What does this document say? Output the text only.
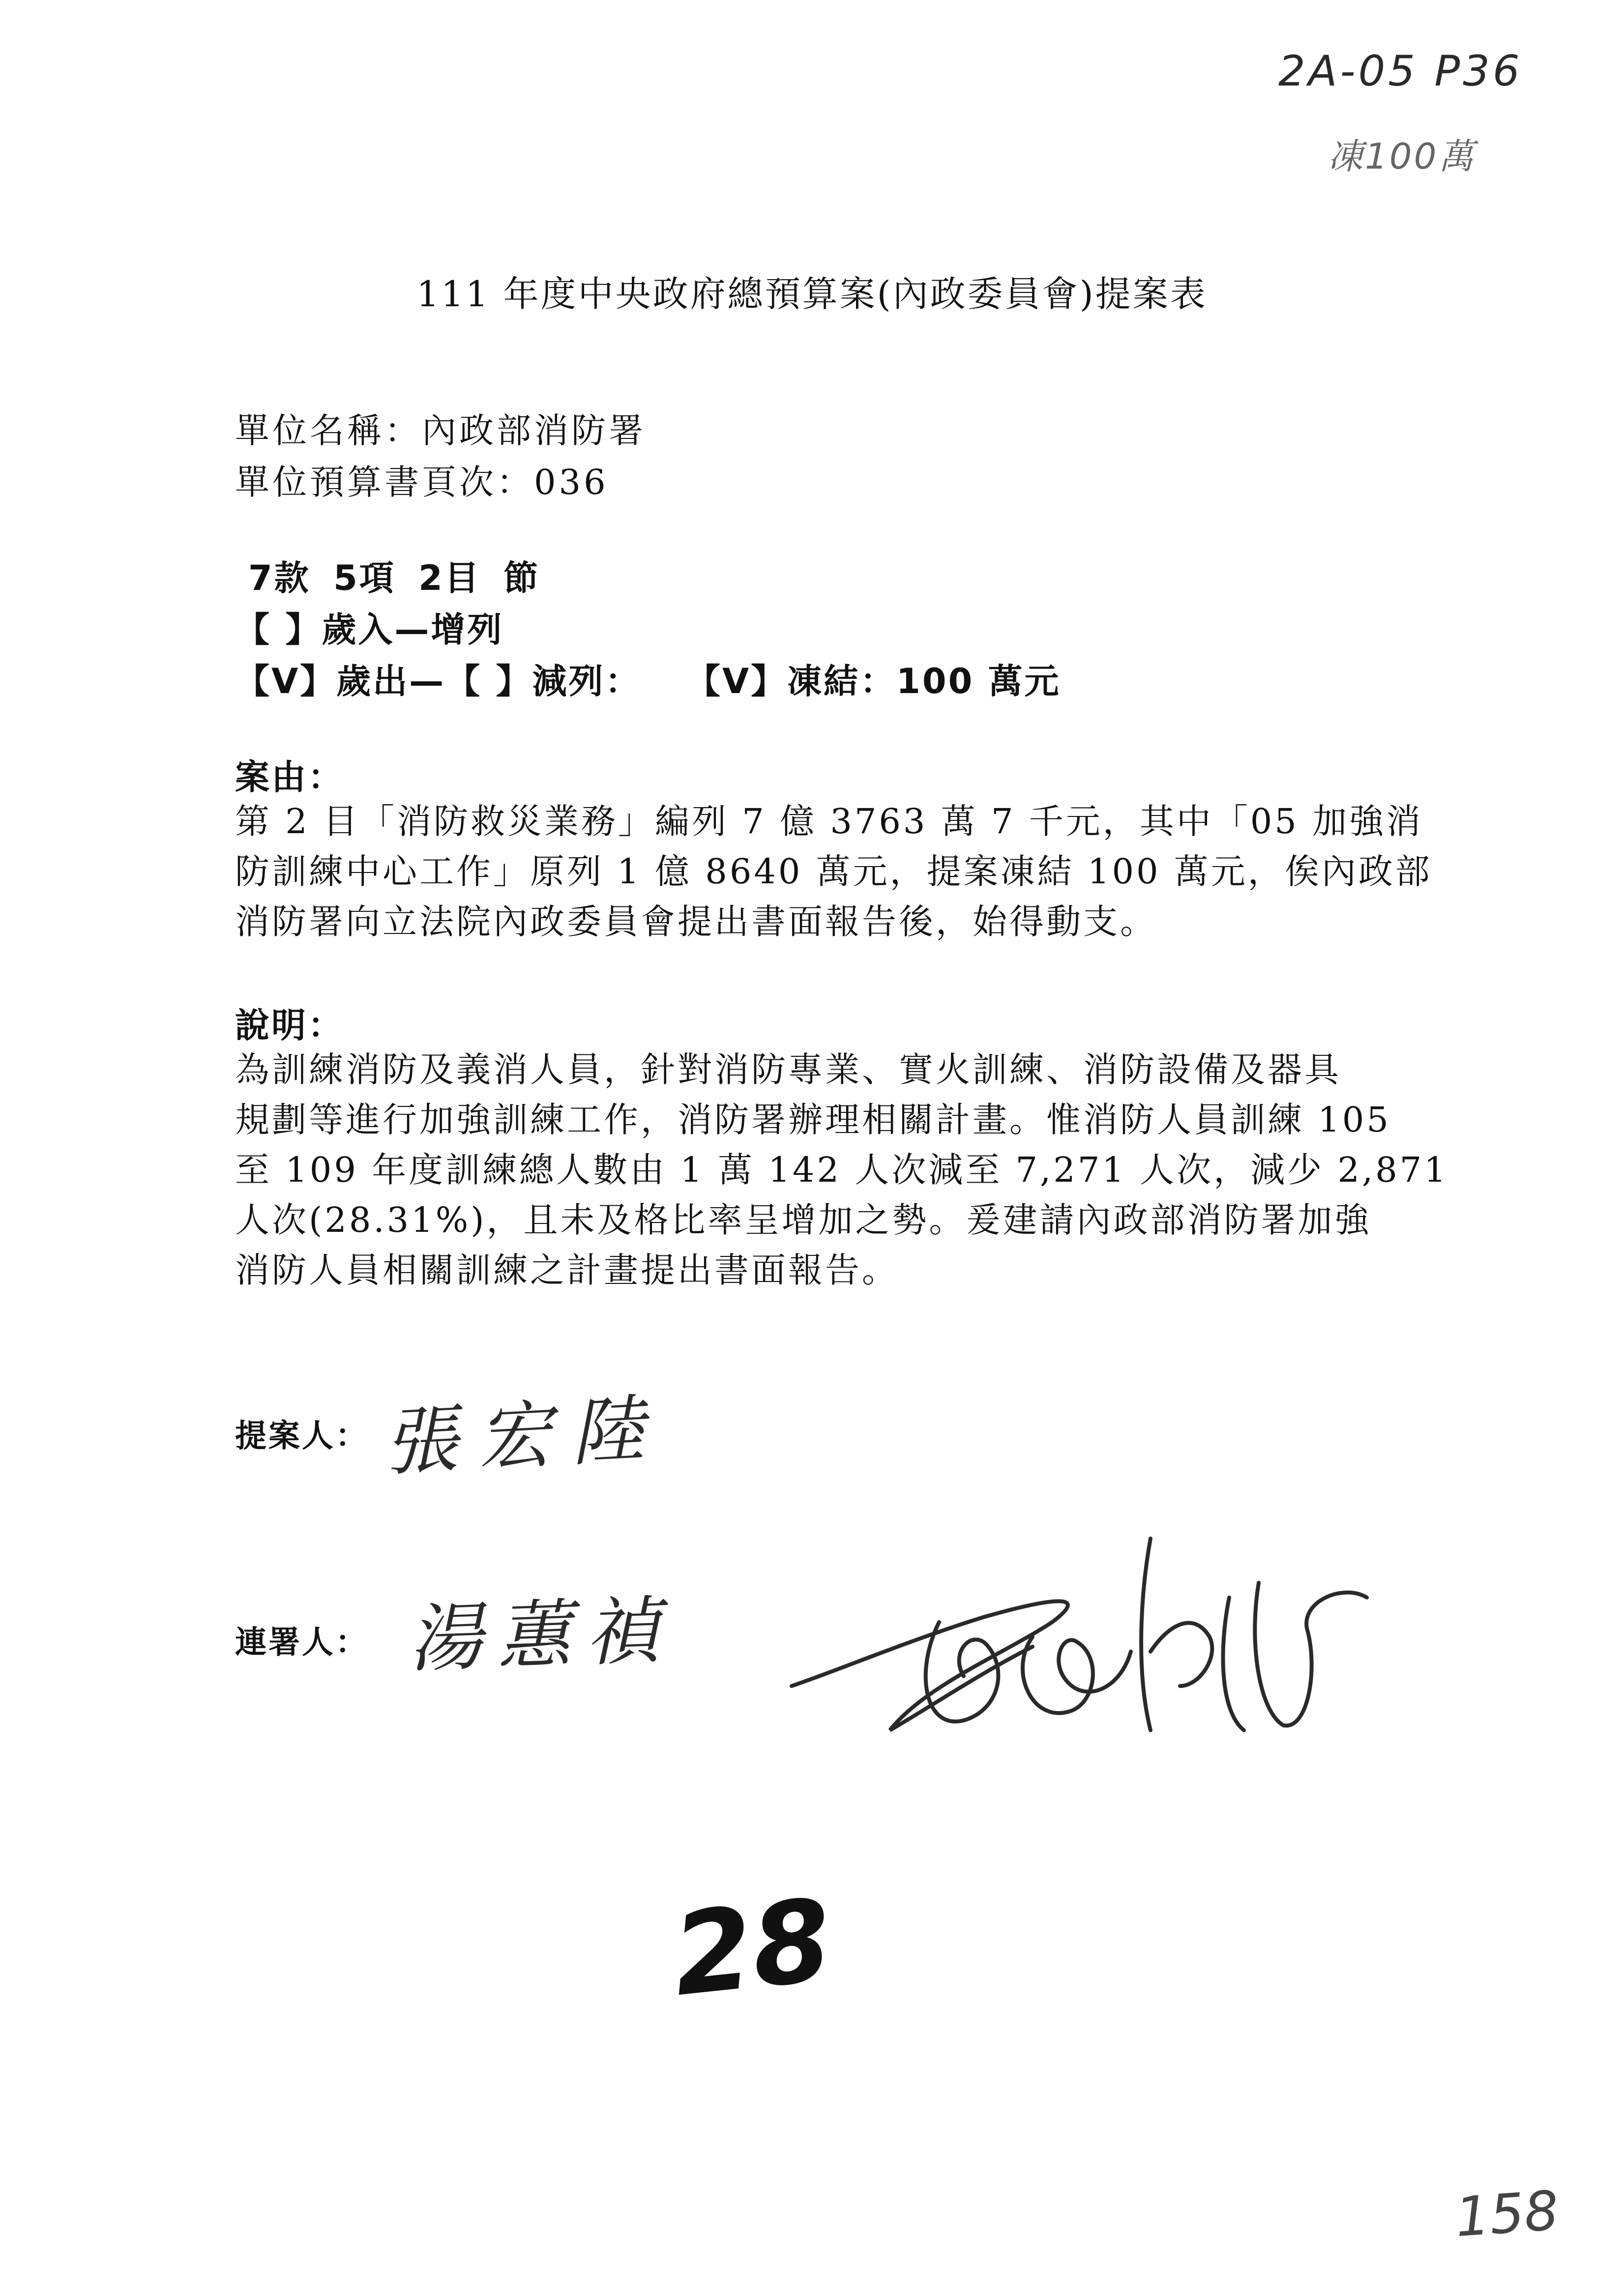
2A-05 P36
凍100萬
111 年度中央政府總預算案(內政委員會)提案表
單位名稱：內政部消防署
單位預算書頁次：036
7款 5項 2目 節
【 】歲入—增列
【V】歲出—【 】減列： 【V】凍結：100 萬元
案由：
第 2 目「消防救災業務」編列 7 億 3763 萬 7 千元，其中「05 加強消
防訓練中心工作」原列 1 億 8640 萬元，提案凍結 100 萬元，俟內政部
消防署向立法院內政委員會提出書面報告後，始得動支。
說明：
為訓練消防及義消人員，針對消防專業、實火訓練、消防設備及器具
規劃等進行加強訓練工作，消防署辦理相關計畫。惟消防人員訓練 105
至 109 年度訓練總人數由 1 萬 142 人次減至 7,271 人次，減少 2,871
人次(28.31%)，且未及格比率呈增加之勢。爰建請內政部消防署加強
消防人員相關訓練之計畫提出書面報告。
提案人： 張宏陸
連署人： 湯蕙禎
28
158
